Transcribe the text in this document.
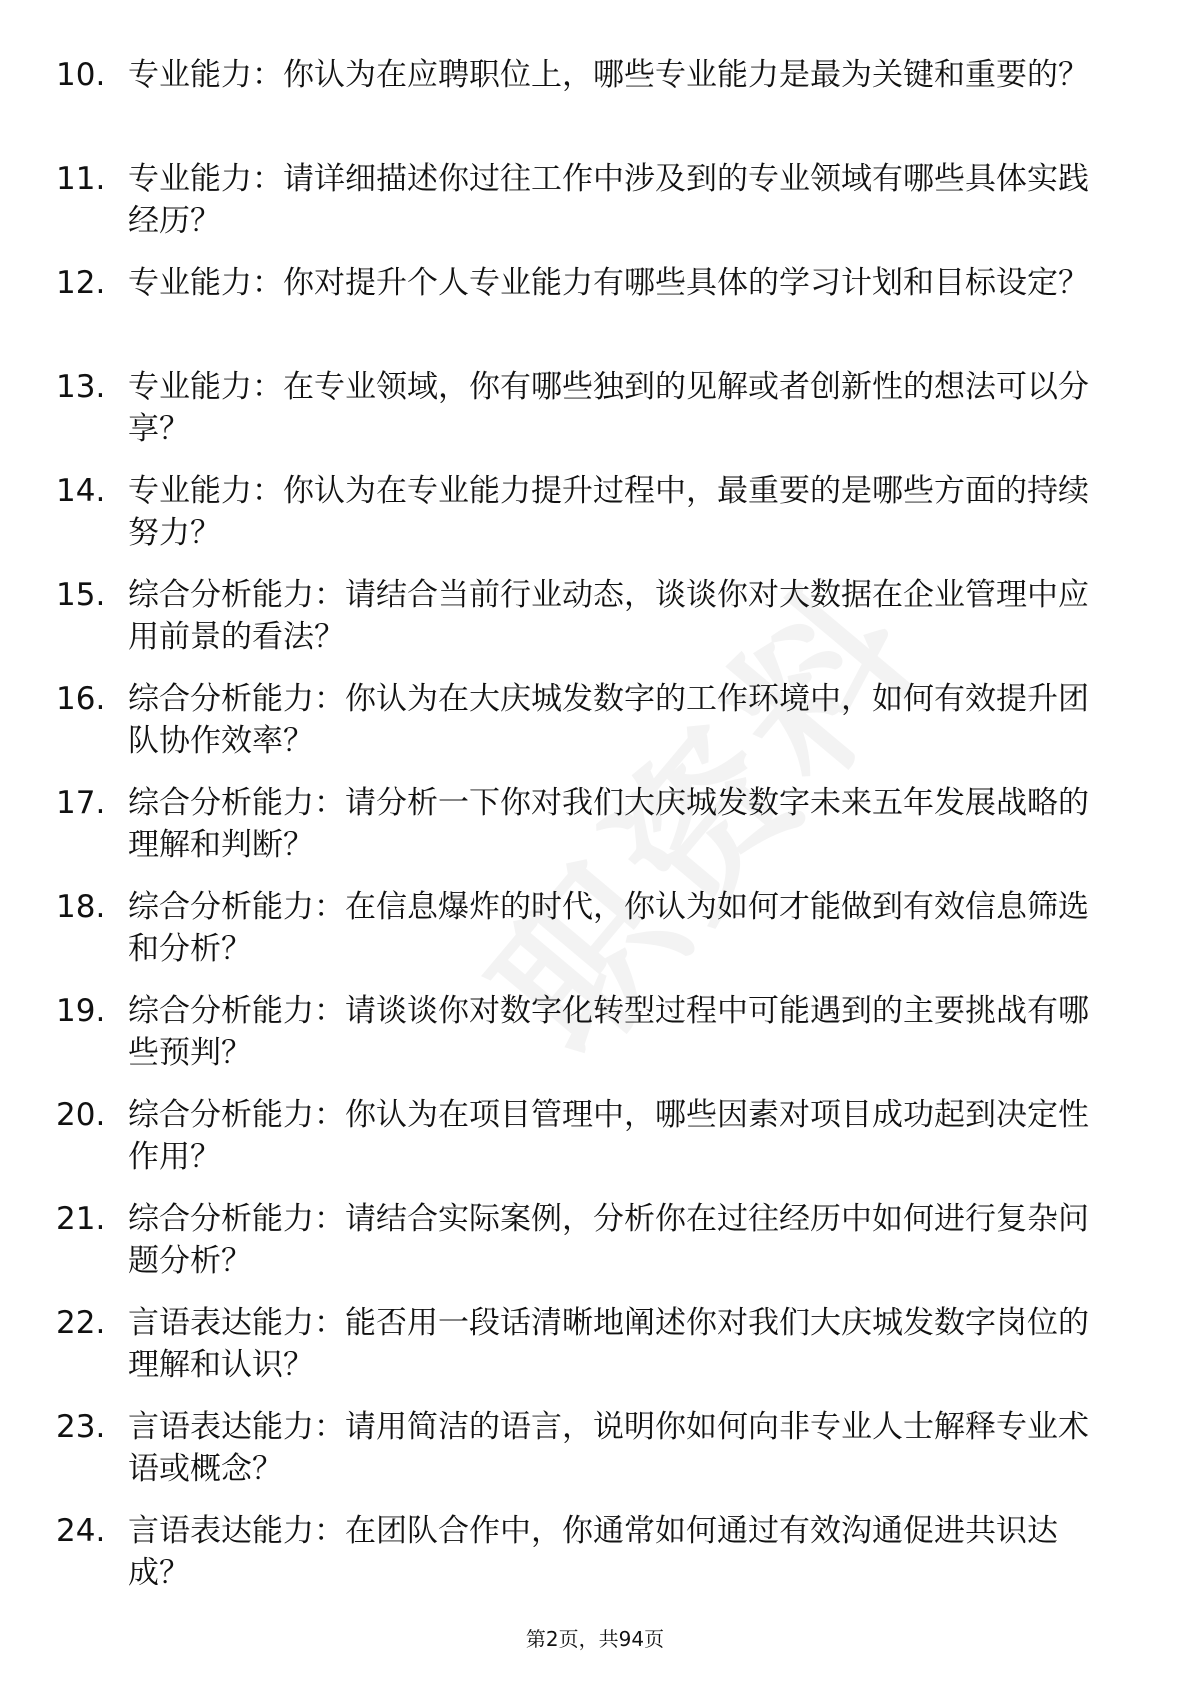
10. 专业能力：你认为在应聘职位上，哪些专业能力是最为关键和重要的？
11. 专业能力：请详细描述你过往工作中涉及到的专业领域有哪些具体实践经历？
12. 专业能力：你对提升个人专业能力有哪些具体的学习计划和目标设定？
13. 专业能力：在专业领域，你有哪些独到的见解或者创新性的想法可以分享？
14. 专业能力：你认为在专业能力提升过程中，最重要的是哪些方面的持续努力？
15. 综合分析能力：请结合当前行业动态，谈谈你对大数据在企业管理中应用前景的看法？
16. 综合分析能力：你认为在大庆城发数字的工作环境中，如何有效提升团队协作效率？
17. 综合分析能力：请分析一下你对我们大庆城发数字未来五年发展战略的理解和判断？
18. 综合分析能力：在信息爆炸的时代，你认为如何才能做到有效信息筛选和分析？
19. 综合分析能力：请谈谈你对数字化转型过程中可能遇到的主要挑战有哪些预判？
20. 综合分析能力：你认为在项目管理中，哪些因素对项目成功起到决定性作用？
21. 综合分析能力：请结合实际案例，分析你在过往经历中如何进行复杂问题分析？
22. 言语表达能力：能否用一段话清晰地阐述你对我们大庆城发数字岗位的理解和认识？
23. 言语表达能力：请用简洁的语言，说明你如何向非专业人士解释专业术语或概念？
24. 言语表达能力：在团队合作中，你通常如何通过有效沟通促进共识达成？
第2页，共94页
